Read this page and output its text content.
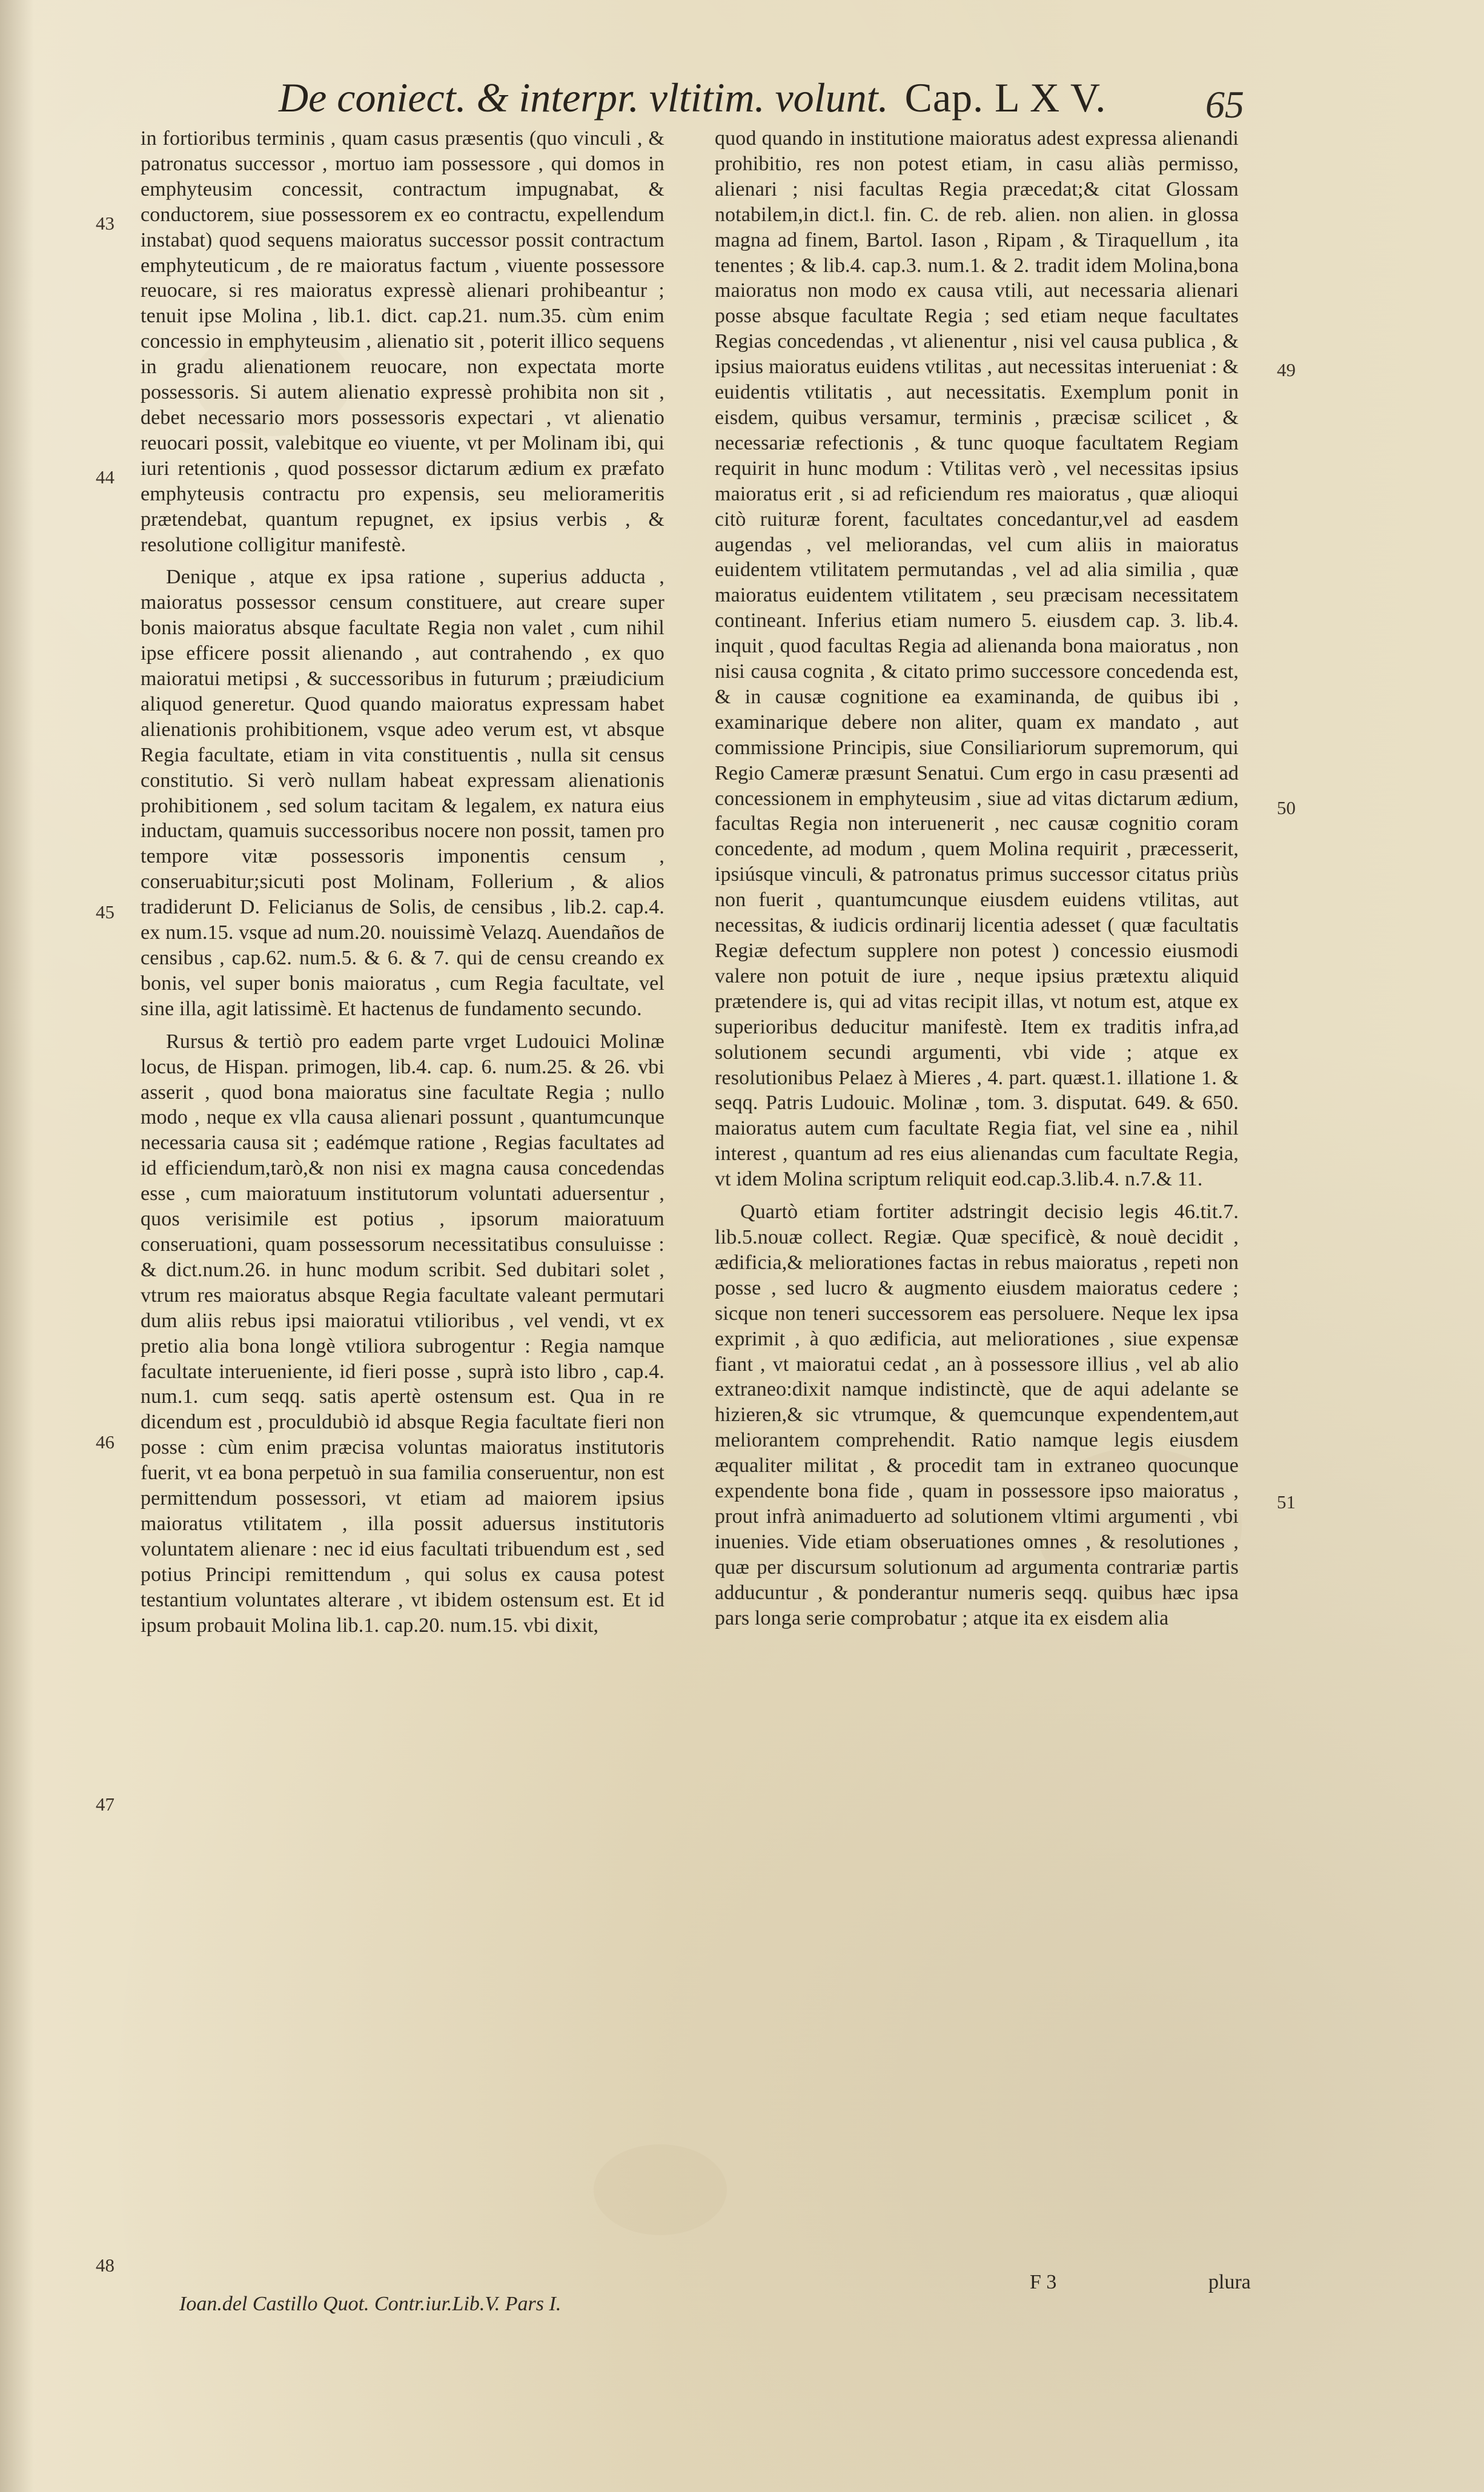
De coniect. & interpr. vltitim. volunt. Cap. L X V.	65

in fortioribus terminis , quam casus præsentis (quo vinculi , & patronatus successor , mortuo iam possessore , qui domos in emphyteusim concessit, contractum impugnabat, & conductorem, siue possessorem ex eo contractu, expellendum instabat) quod sequens maioratus successor possit contractum emphyteuticum , de re maioratus factum , viuente possessore reuocare, si res maioratus expressè alienari prohibeantur ; tenuit ipse Molina , lib.1. dict. cap.21. num.35. cùm enim concessio in emphyteusim , alienatio sit , poterit illico sequens in gradu alienationem reuocare, non expectata morte possessoris. Si autem alienatio expressè prohibita non sit , debet necessario mors possessoris expectari , vt alienatio reuocari possit, valebitque eo viuente, vt per Molinam ibi, qui iuri retentionis , quod possessor dictarum ædium ex præfato emphyteusis contractu pro expensis, seu meliorameritis prætendebat, quantum repugnet, ex ipsius verbis , & resolutione colligitur manifestè.

Denique , atque ex ipsa ratione , superius adducta , maioratus possessor censum constituere, aut creare super bonis maioratus absque facultate Regia non valet , cum nihil ipse efficere possit alienando , aut contrahendo , ex quo maioratui metipsi , & successoribus in futurum ; præiudicium aliquod generetur. Quod quando maioratus expressam habet alienationis prohibitionem, vsque adeo verum est, vt absque Regia facultate, etiam in vita constituentis , nulla sit census constitutio. Si verò nullam habeat expressam alienationis prohibitionem , sed solum tacitam & legalem, ex natura eius inductam, quamuis successoribus nocere non possit, tamen pro tempore vitæ possessoris imponentis censum , conseruabitur;sicuti post Molinam, Follerium , & alios tradiderunt D. Felicianus de Solis, de censibus , lib.2. cap.4. ex num.15. vsque ad num.20. nouissimè Velazq. Auendaños de censibus , cap.62. num.5. & 6. & 7. qui de censu creando ex bonis, vel super bonis maioratus , cum Regia facultate, vel sine illa, agit latissimè. Et hactenus de fundamento secundo.

Rursus & tertiò pro eadem parte vrget Ludouici Molinæ locus, de Hispan. primogen, lib.4. cap. 6. num.25. & 26. vbi asserit , quod bona maioratus sine facultate Regia ; nullo modo , neque ex vlla causa alienari possunt , quantumcunque necessaria causa sit ; eadémque ratione , Regias facultates ad id efficiendum,tarò,& non nisi ex magna causa concedendas esse , cum maioratuum institutorum voluntati aduersentur , quos verisimile est potius , ipsorum maioratuum conseruationi, quam possessorum necessitatibus consuluisse : & dict.num.26. in hunc modum scribit. Sed dubitari solet , vtrum res maioratus absque Regia facultate valeant permutari dum aliis rebus ipsi maioratui vtilioribus , vel vendi, vt ex pretio alia bona longè vtiliora subrogentur : Regia namque facultate interueniente, id fieri posse , suprà isto libro , cap.4. num.1. cum seqq. satis apertè ostensum est. Qua in re dicendum est , proculdubiò id absque Regia facultate fieri non posse : cùm enim præcisa voluntas maioratus institutoris fuerit, vt ea bona perpetuò in sua familia conseruentur, non est permittendum possessori, vt etiam ad maiorem ipsius maioratus vtilitatem , illa possit aduersus institutoris voluntatem alienare : nec id eius facultati tribuendum est , sed potius Principi remittendum , qui solus ex causa potest testantium voluntates alterare , vt ibidem ostensum est. Et id ipsum probauit Molina lib.1. cap.20. num.15. vbi dixit,

quod quando in institutione maioratus adest expressa alienandi prohibitio, res non potest etiam, in casu aliàs permisso, alienari ; nisi facultas Regia præcedat;& citat Glossam notabilem,in dict.l. fin. C. de reb. alien. non alien. in glossa magna ad finem, Bartol. Iason , Ripam , & Tiraquellum , ita tenentes ; & lib.4. cap.3. num.1. & 2. tradit idem Molina,bona maioratus non modo ex causa vtili, aut necessaria alienari posse absque facultate Regia ; sed etiam neque facultates Regias concedendas , vt alienentur , nisi vel causa publica , & ipsius maioratus euidens vtilitas , aut necessitas interueniat : & euidentis vtilitatis , aut necessitatis. Exemplum ponit in eisdem, quibus versamur, terminis , præcisæ scilicet , & necessariæ refectionis , & tunc quoque facultatem Regiam requirit in hunc modum : Vtilitas verò , vel necessitas ipsius maioratus erit , si ad reficiendum res maioratus , quæ alioqui citò ruituræ forent, facultates concedantur,vel ad easdem augendas , vel meliorandas, vel cum aliis in maioratus euidentem vtilitatem permutandas , vel ad alia similia , quæ maioratus euidentem vtilitatem , seu præcisam necessitatem contineant. Inferius etiam numero 5. eiusdem cap. 3. lib.4. inquit , quod facultas Regia ad alienanda bona maioratus , non nisi causa cognita , & citato primo successore concedenda est, & in causæ cognitione ea examinanda, de quibus ibi , examinarique debere non aliter, quam ex mandato , aut commissione Principis, siue Consiliariorum supremorum, qui Regio Cameræ præsunt Senatui. Cum ergo in casu præsenti ad concessionem in emphyteusim , siue ad vitas dictarum ædium, facultas Regia non interuenerit , nec causæ cognitio coram concedente, ad modum , quem Molina requirit , præcesserit, ipsiúsque vinculi, & patronatus primus successor citatus priùs non fuerit , quantumcunque eiusdem euidens vtilitas, aut necessitas, & iudicis ordinarij licentia adesset ( quæ facultatis Regiæ defectum supplere non potest ) concessio eiusmodi valere non potuit de iure , neque ipsius prætextu aliquid prætendere is, qui ad vitas recipit illas, vt notum est, atque ex superioribus deducitur manifestè. Item ex traditis infra,ad solutionem secundi argumenti, vbi vide ; atque ex resolutionibus Pelaez à Mieres , 4. part. quæst.1. illatione 1. & seqq. Patris Ludouic. Molinæ , tom. 3. disputat. 649. & 650. maioratus autem cum facultate Regia fiat, vel sine ea , nihil interest , quantum ad res eius alienandas cum facultate Regia, vt idem Molina scriptum reliquit eod.cap.3.lib.4. n.7.& 11.

Quartò etiam fortiter adstringit decisio legis 46.tit.7. lib.5.nouæ collect. Regiæ. Quæ specificè, & nouè decidit , ædificia,& meliorationes factas in rebus maioratus , repeti non posse , sed lucro & augmento eiusdem maioratus cedere ; sicque non teneri successorem eas persoluere. Neque lex ipsa exprimit , à quo ædificia, aut meliorationes , siue expensæ fiant , vt maioratui cedat , an à possessore illius , vel ab alio extraneo:dixit namque indistinctè, que de aqui adelante se hizieren,& sic vtrumque, & quemcunque expendentem,aut meliorantem comprehendit. Ratio namque legis eiusdem æqualiter militat , & procedit tam in extraneo quocunque expendente bona fide , quam in possessore ipso maioratus , prout infrà animaduerto ad solutionem vltimi argumenti , vbi inuenies. Vide etiam obseruationes omnes , & resolutiones , quæ per discursum solutionum ad argumenta contrariæ partis adducuntur , & ponderantur numeris seqq. quibus hæc ipsa pars longa serie comprobatur ; atque ita ex eisdem alia

43
44
45
46
47
48
49
50
51
Ioan.del Castillo Quot. Contr.iur.Lib.V. Pars I.
F 3	plura
